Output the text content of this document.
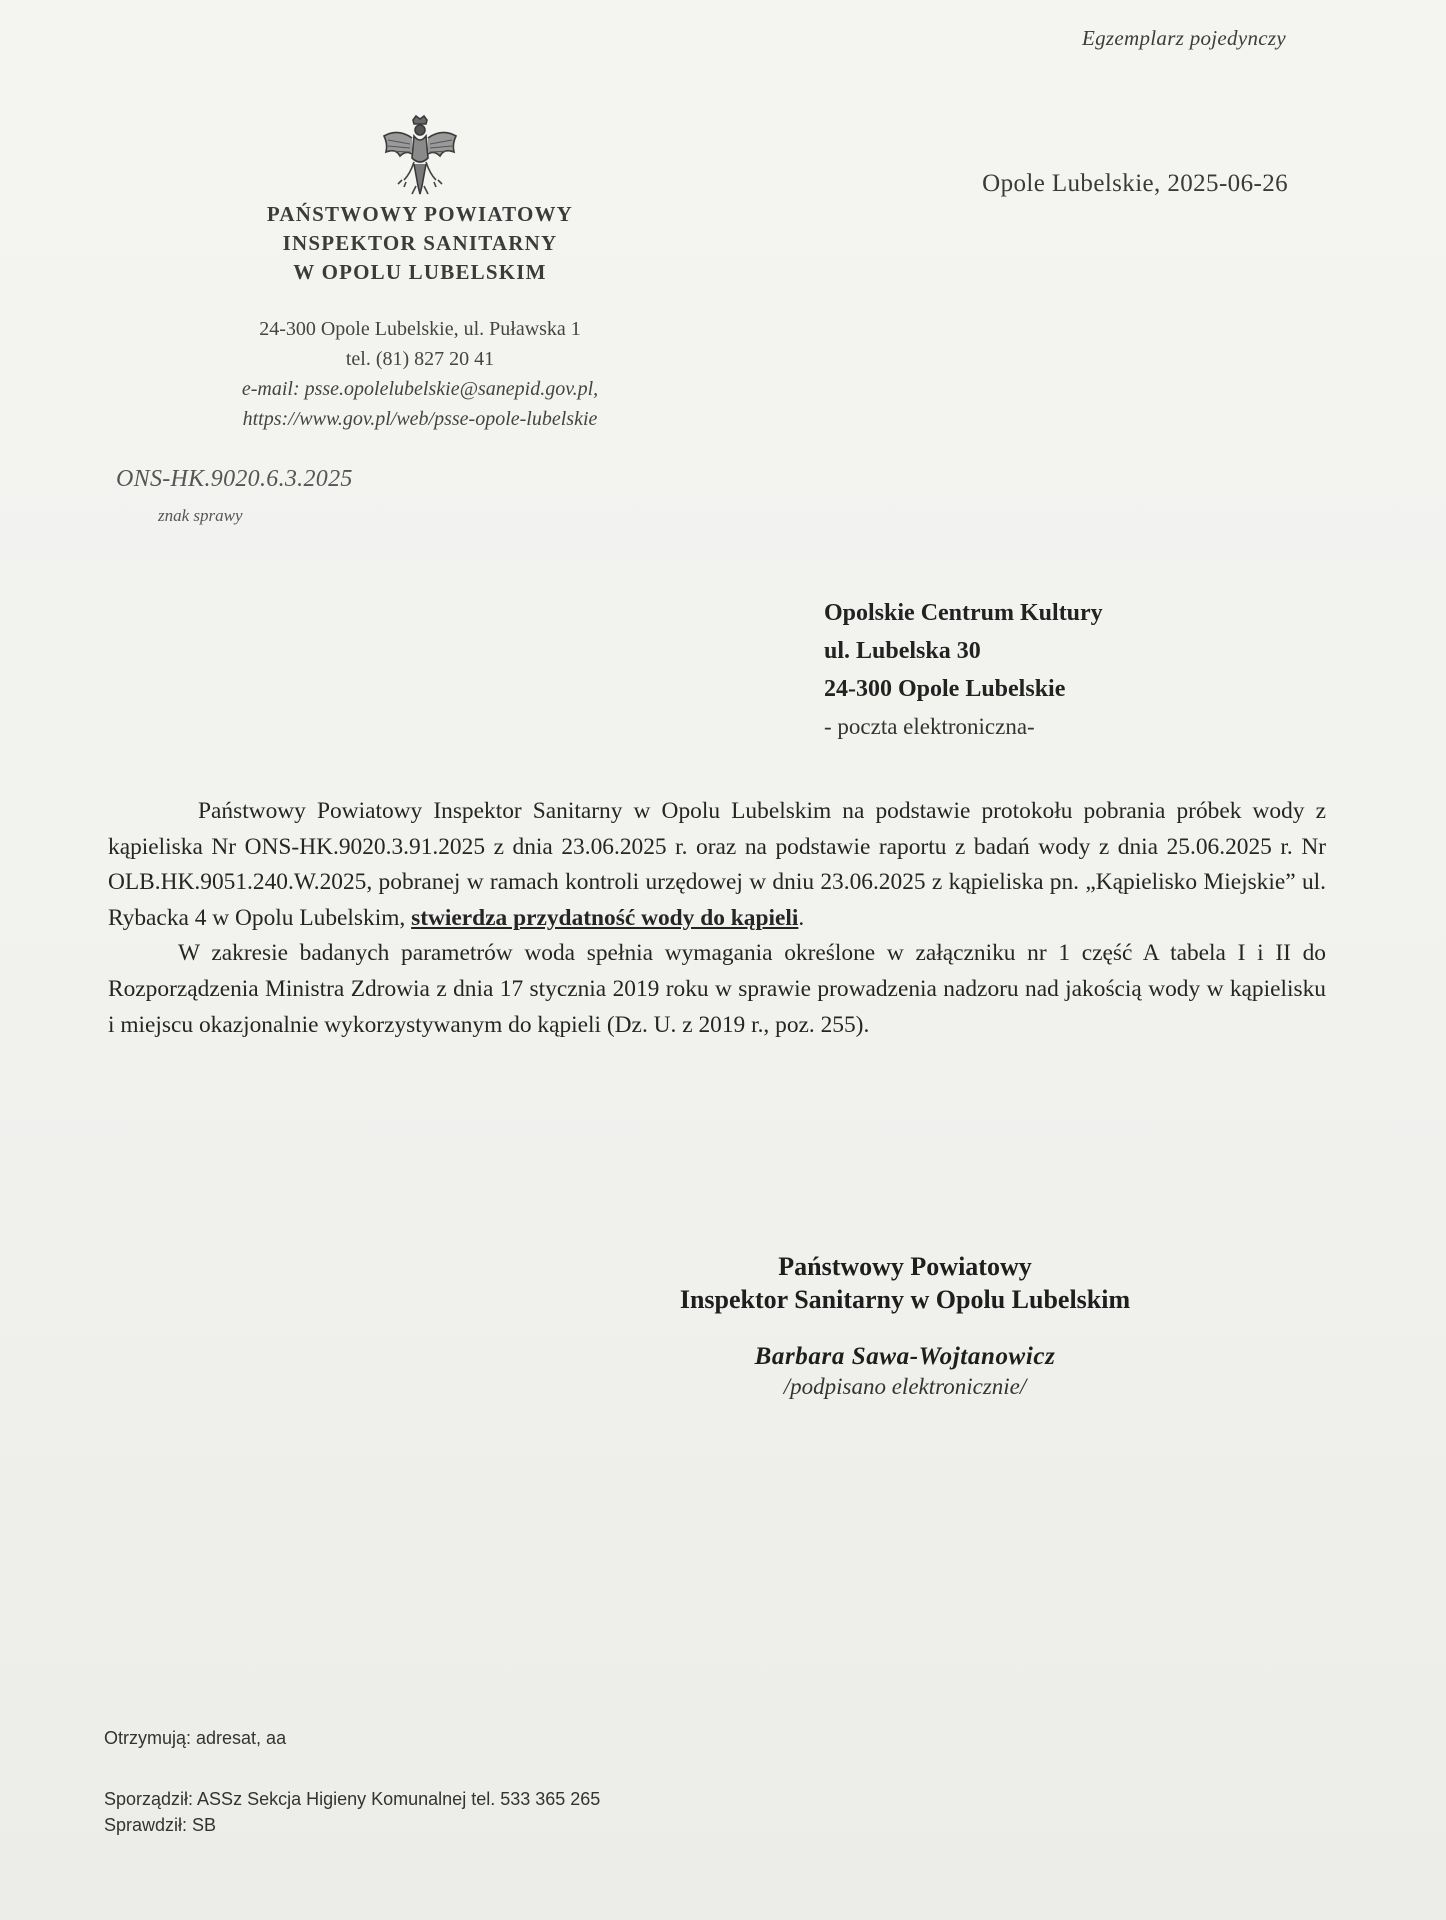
Egzemplarz pojedynczy
Opole Lubelskie, 2025-06-26
PAŃSTWOWY POWIATOWY
INSPEKTOR SANITARNY
W OPOLU LUBELSKIM
24-300 Opole Lubelskie, ul. Puławska 1
tel. (81) 827 20 41
e-mail: psse.opolelubelskie@sanepid.gov.pl,
https://www.gov.pl/web/psse-opole-lubelskie
ONS-HK.9020.6.3.2025
znak sprawy
Opolskie Centrum Kultury
ul. Lubelska 30
24-300 Opole Lubelskie
- poczta elektroniczna-

Państwowy Powiatowy Inspektor Sanitarny w Opolu Lubelskim na podstawie protokołu pobrania próbek wody z kąpieliska Nr ONS-HK.9020.3.91.2025 z dnia 23.06.2025 r. oraz na podstawie raportu z badań wody z dnia 25.06.2025 r. Nr OLB.HK.9051.240.W.2025, pobranej w ramach kontroli urzędowej w dniu 23.06.2025 z kąpieliska pn. „Kąpielisko Miejskie” ul. Rybacka 4 w Opolu Lubelskim, stwierdza przydatność wody do kąpieli.

W zakresie badanych parametrów woda spełnia wymagania określone w załączniku nr 1 część A tabela I i II do Rozporządzenia Ministra Zdrowia z dnia 17 stycznia 2019 roku w sprawie prowadzenia nadzoru nad jakością wody w kąpielisku i miejscu okazjonalnie wykorzystywanym do kąpieli (Dz. U. z 2019 r., poz. 255).

Państwowy Powiatowy
Inspektor Sanitarny w Opolu Lubelskim
Barbara Sawa-Wojtanowicz
/podpisano elektronicznie/
Otrzymują: adresat, aa
Sporządził: ASSz Sekcja Higieny Komunalnej tel. 533 365 265
Sprawdził: SB
